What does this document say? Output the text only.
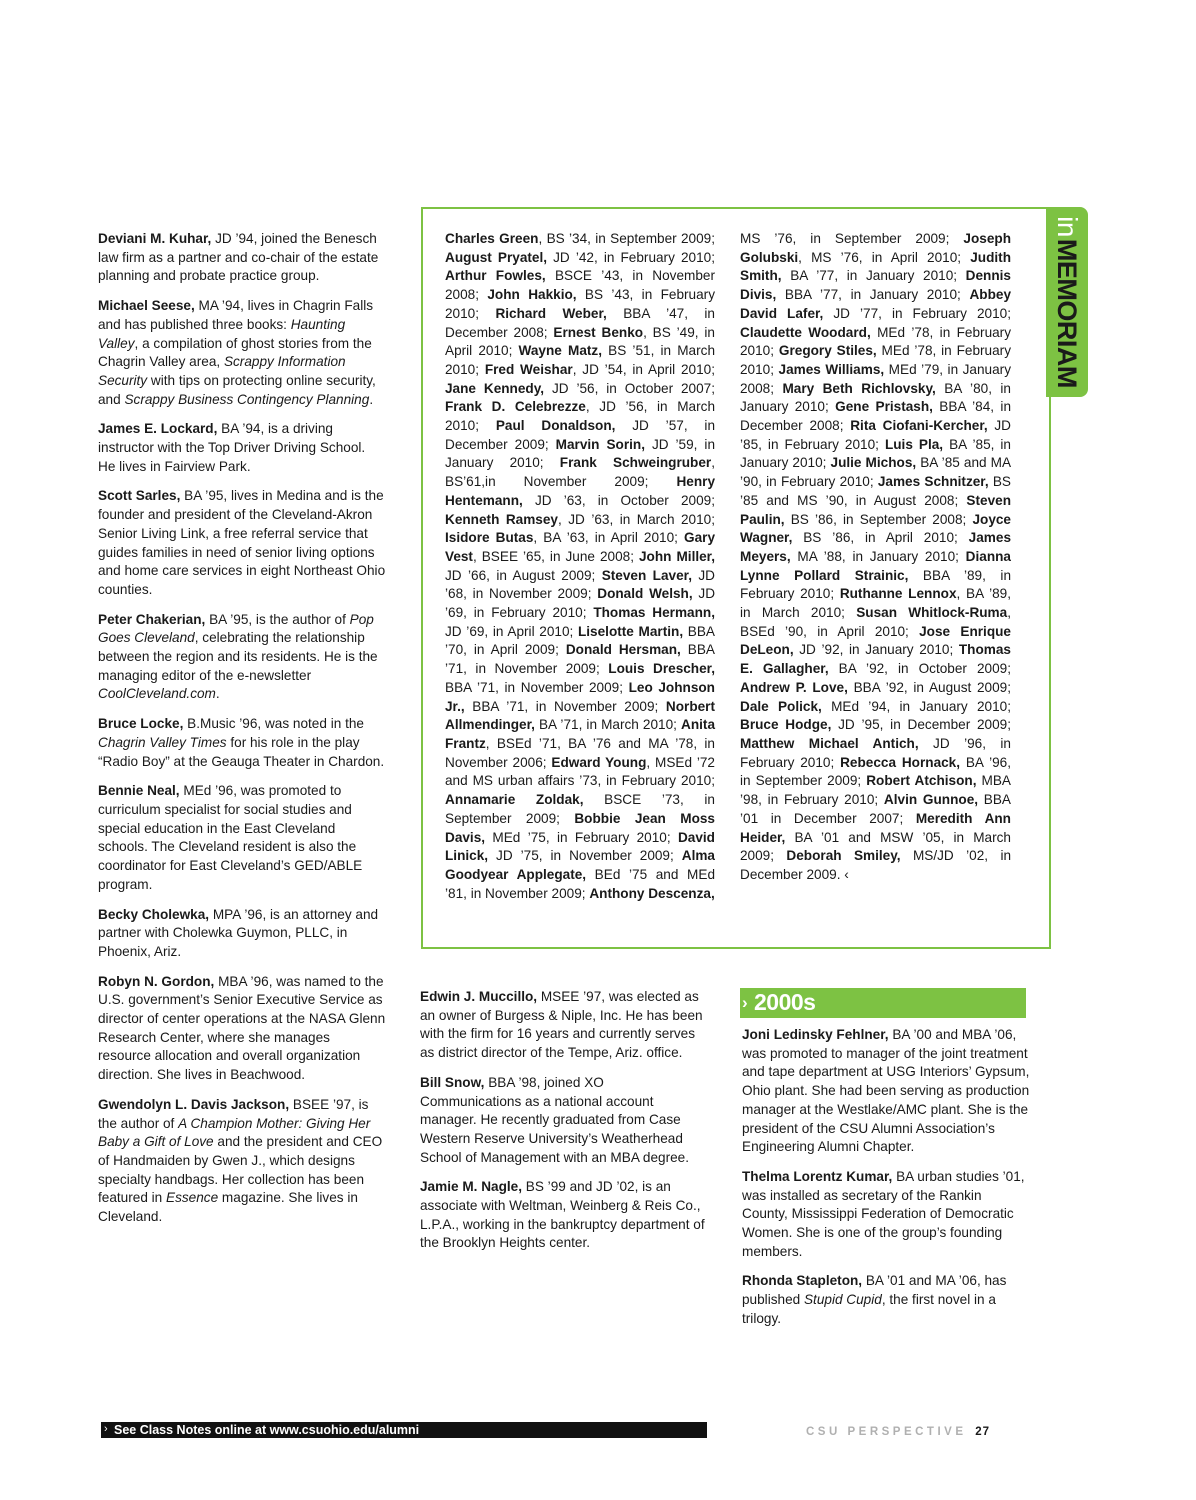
Deviani M. Kuhar, JD ’94, joined the Benesch law firm as a partner and co-chair of the estate planning and probate practice group.

Michael Seese, MA ’94, lives in Chagrin Falls and has published three books: Haunting Valley, a compilation of ghost stories from the Chagrin Valley area, Scrappy Information Security with tips on protecting online security, and Scrappy Business Contingency Planning.

James E. Lockard, BA ’94, is a driving instructor with the Top Driver Driving School. He lives in Fairview Park.

Scott Sarles, BA ’95, lives in Medina and is the founder and president of the Cleveland-Akron Senior Living Link, a free referral service that guides families in need of senior living options and home care services in eight Northeast Ohio counties.

Peter Chakerian, BA ’95, is the author of Pop Goes Cleveland, celebrating the relationship between the region and its residents. He is the managing editor of the e-newsletter CoolCleveland.com.

Bruce Locke, B.Music ’96, was noted in the Chagrin Valley Times for his role in the play “Radio Boy” at the Geauga Theater in Chardon.

Bennie Neal, MEd ’96, was promoted to curriculum specialist for social studies and special education in the East Cleveland schools. The Cleveland resident is also the coordinator for East Cleveland’s GED/ABLE program.

Becky Cholewka, MPA ’96, is an attorney and partner with Cholewka Guymon, PLLC, in Phoenix, Ariz.

Robyn N. Gordon, MBA ’96, was named to the U.S. government’s Senior Executive Service as director of center operations at the NASA Glenn Research Center, where she manages resource allocation and overall organization direction. She lives in Beachwood.

Gwendolyn L. Davis Jackson, BSEE ’97, is the author of A Champion Mother: Giving Her Baby a Gift of Love and the president and CEO of Handmaiden by Gwen J., which designs specialty handbags. Her collection has been featured in Essence magazine. She lives in Cleveland.

Charles Green, BS ’34, in September 2009; August Pryatel, JD ’42, in February 2010; Arthur Fowles, BSCE ’43, in November 2008; John Hakkio, BS ’43, in February 2010; Richard Weber, BBA ’47, in December 2008; Ernest Benko, BS ’49, in April 2010; Wayne Matz, BS ’51, in March 2010; Fred Weishar, JD ’54, in April 2010; Jane Kennedy, JD ’56, in October 2007; Frank D. Celebrezze, JD ’56, in March 2010; Paul Donaldson, JD ’57, in December 2009; Marvin Sorin, JD ’59, in January 2010; Frank Schweingruber, BS’61,in November 2009; Henry Hentemann, JD ’63, in October 2009; Kenneth Ramsey, JD ’63, in March 2010; Isidore Butas, BA ’63, in April 2010; Gary Vest, BSEE ’65, in June 2008; John Miller, JD ’66, in August 2009; Steven Laver, JD ’68, in November 2009; Donald Welsh, JD ’69, in February 2010; Thomas Hermann, JD ’69, in April 2010; Liselotte Martin, BBA ’70, in April 2009; Donald Hersman, BBA ’71, in November 2009; Louis Drescher, BBA ’71, in November 2009; Leo Johnson Jr., BBA ’71, in November 2009; Norbert Allmendinger, BA ’71, in March 2010; Anita Frantz, BSEd ’71, BA ’76 and MA ’78, in November 2006; Edward Young, MSEd ’72 and MS urban affairs ’73, in February 2010; Annamarie Zoldak, BSCE ’73, in September 2009; Bobbie Jean Moss Davis, MEd ’75, in February 2010; David Linick, JD ’75, in November 2009; Alma Goodyear Applegate, BEd ’75 and MEd ’81, in November 2009; Anthony Descenza,

MS ’76, in September 2009; Joseph Golubski, MS ’76, in April 2010; Judith Smith, BA ’77, in January 2010; Dennis Divis, BBA ’77, in January 2010; Abbey David Lafer, JD ’77, in February 2010; Claudette Woodard, MEd ’78, in February 2010; Gregory Stiles, MEd ’78, in February 2010; James Williams, MEd ’79, in January 2008; Mary Beth Richlovsky, BA ’80, in January 2010; Gene Pristash, BBA ’84, in December 2008; Rita Ciofani-Kercher, JD ’85, in February 2010; Luis Pla, BA ’85, in January 2010; Julie Michos, BA ’85 and MA ’90, in February 2010; James Schnitzer, BS ’85 and MS ’90, in August 2008; Steven Paulin, BS ’86, in September 2008; Joyce Wagner, BS ’86, in April 2010; James Meyers, MA ’88, in January 2010; Dianna Lynne Pollard Strainic, BBA ’89, in February 2010; Ruthanne Lennox, BA ’89, in March 2010; Susan Whitlock-Ruma, BSEd ’90, in April 2010; Jose Enrique DeLeon, JD ’92, in January 2010; Thomas E. Gallagher, BA ’92, in October 2009; Andrew P. Love, BBA ’92, in August 2009; Dale Polick, MEd ’94, in January 2010; Bruce Hodge, JD ’95, in December 2009; Matthew Michael Antich, JD ’96, in February 2010; Rebecca Hornack, BA ’96, in September 2009; Robert Atchison, MBA ’98, in February 2010; Alvin Gunnoe, BBA ’01 in December 2007; Meredith Ann Heider, BA ’01 and MSW ’05, in March 2009; Deborah Smiley, MS/JD ’02, in December 2009. ‹

inMEMORIAM

Edwin J. Muccillo, MSEE ’97, was elected as an owner of Burgess & Niple, Inc. He has been with the firm for 16 years and currently serves as district director of the Tempe, Ariz. office.

Bill Snow, BBA ’98, joined XO Communications as a national account manager. He recently graduated from Case Western Reserve University’s Weatherhead School of Management with an MBA degree.

Jamie M. Nagle, BS ’99 and JD ’02, is an associate with Weltman, Weinberg & Reis Co., L.P.A., working in the bankruptcy department of the Brooklyn Heights center.

› 2000s

Joni Ledinsky Fehlner, BA ’00 and MBA ’06, was promoted to manager of the joint treatment and tape department at USG Interiors’ Gypsum, Ohio plant. She had been serving as production manager at the Westlake/AMC plant. She is the president of the CSU Alumni Association’s Engineering Alumni Chapter.

Thelma Lorentz Kumar, BA urban studies ’01, was installed as secretary of the Rankin County, Mississippi Federation of Democratic Women. She is one of the group’s founding members.

Rhonda Stapleton, BA ’01 and MA ’06, has published Stupid Cupid, the first novel in a trilogy.

› See Class Notes online at www.csuohio.edu/alumni	CSU PERSPECTIVE 27
